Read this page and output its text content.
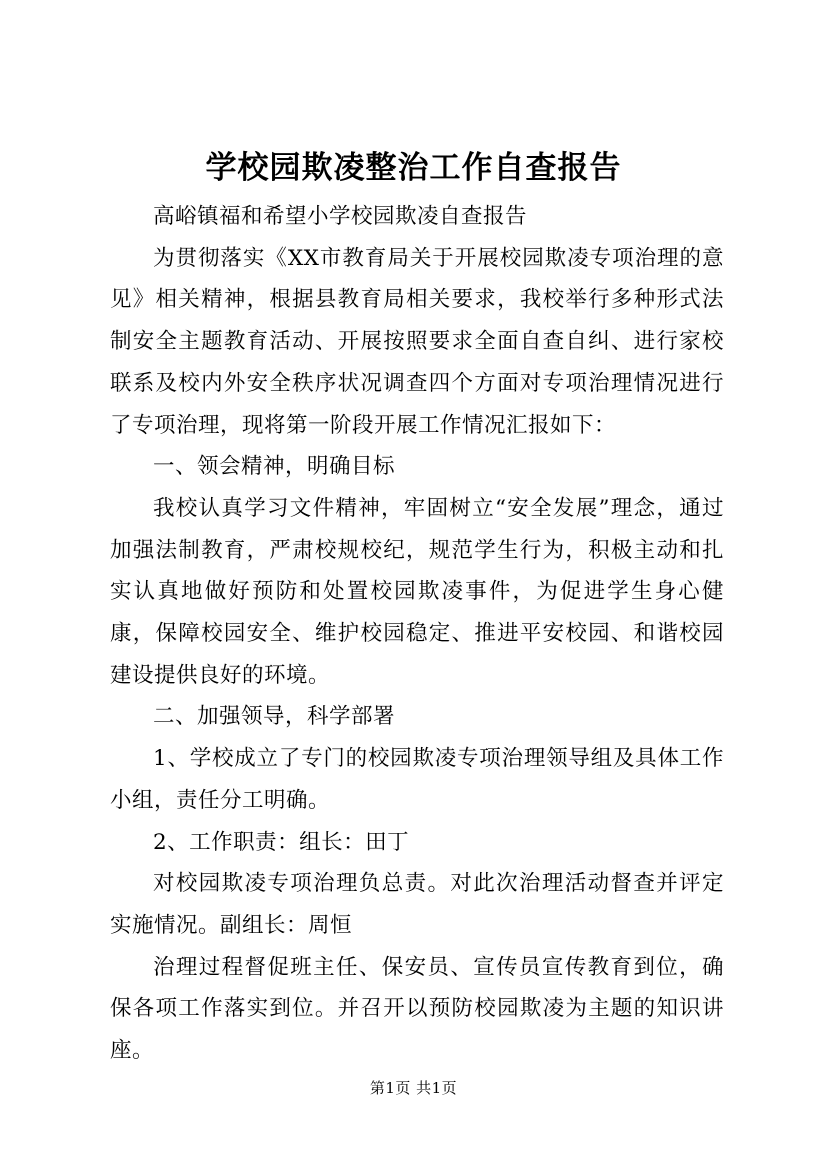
学校园欺凌整治工作自查报告

高峪镇福和希望小学校园欺凌自查报告

为贯彻落实《XX市教育局关于开展校园欺凌专项治理的意见》相关精神，根据县教育局相关要求，我校举行多种形式法制安全主题教育活动、开展按照要求全面自查自纠、进行家校联系及校内外安全秩序状况调查四个方面对专项治理情况进行了专项治理，现将第一阶段开展工作情况汇报如下：

一、领会精神，明确目标

我校认真学习文件精神，牢固树立“安全发展”理念，通过加强法制教育，严肃校规校纪，规范学生行为，积极主动和扎实认真地做好预防和处置校园欺凌事件，为促进学生身心健康，保障校园安全、维护校园稳定、推进平安校园、和谐校园建设提供良好的环境。

二、加强领导，科学部署

1、学校成立了专门的校园欺凌专项治理领导组及具体工作小组，责任分工明确。

2、工作职责：组长：田丁

对校园欺凌专项治理负总责。对此次治理活动督查并评定实施情况。副组长：周恒

治理过程督促班主任、保安员、宣传员宣传教育到位，确保各项工作落实到位。并召开以预防校园欺凌为主题的知识讲座。

第1页 共1页
